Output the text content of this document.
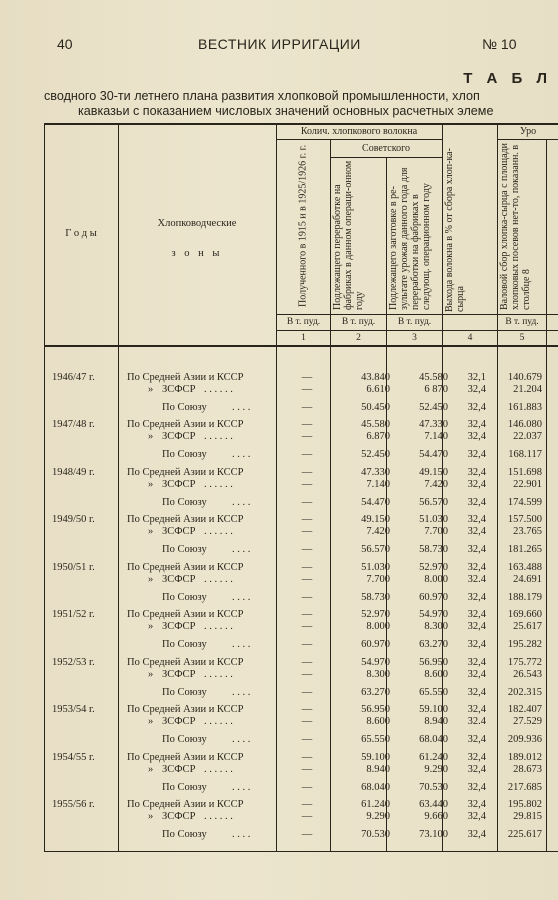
40	ВЕСТНИК ИРРИГАЦИИ	№ 10
Т А Б Л
сводного 30-ти летнего плана развития хлопковой промышленности, хлоп
кавказьи с показанием числовых значений основных расчетных элеме
Г о д ы
Хлопководческие
з о н ы
Колич. хлопкового волокна
Советского
Уро
Полученного в 1915 и в 1925/1926 г. г.	Подлежащего переработке на фабриках в данном операци-онном году	Подлежащего заготовке в ре-зультате урожая данного года для переработки на фабриках в следующ. операционном году	Выхода волокна в % от сбора хлоп-ка-сырца	Валовой сбор хлопка-сырца с площади хлопковых посевов нет-то, показанн. в столбце 8
В т. пуд.	В т. пуд.	В т. пуд.	В т. пуд.
1	2	3	4	5
1946/47 г.	По Средней Азии и КССР	—	43.840	45.580	32,1	140.679
» ЗСФСР . . . . . .	—	6.610	6 870	32,4	21.204
По Союзу . . . .	—	50.450	52.450	32,4	161.883
1947/48 г.	По Средней Азии и КССР	—	45.580	47.330	32,4	146.080
» ЗСФСР . . . . . .	—	6.870	7.140	32,4	22.037
По Союзу . . . .	—	52.450	54.470	32,4	168.117
1948/49 г.	По Средней Азии и КССР	—	47.330	49.150	32,4	151.698
» ЗСФСР . . . . . .	—	7.140	7.420	32,4	22.901
По Союзу . . . .	—	54.470	56.570	32,4	174.599
1949/50 г.	По Средней Азии и КССР	—	49.150	51.030	32,4	157.500
» ЗСФСР . . . . . .	—	7.420	7.700	32,4	23.765
По Союзу . . . .	—	56.570	58.730	32,4	181.265
1950/51 г.	По Средней Азии и КССР	—	51.030	52.970	32,4	163.488
» ЗСФСР . . . . . .	—	7.700	8.000	32.4	24.691
По Союзу . . . .	—	58.730	60.970	32,4	188.179
1951/52 г.	По Средней Азии и КССР	—	52.970	54.970	32,4	169.660
» ЗСФСР . . . . . .	—	8.000	8.300	32,4	25.617
По Союзу . . . .	—	60.970	63.270	32,4	195.282
1952/53 г.	По Средней Азии и КССР	—	54.970	56.950	32,4	175.772
» ЗСФСР . . . . . .	—	8.300	8.600	32,4	26.543
По Союзу . . . .	—	63.270	65.550	32,4	202.315
1953/54 г.	По Средней Азии и КССР	—	56.950	59.100	32,4	182.407
» ЗСФСР . . . . . .	—	8.600	8.940	32.4	27.529
По Союзу . . . .	—	65.550	68.040	32,4	209.936
1954/55 г.	По Средней Азии и КССР	—	59.100	61.240	32,4	189.012
» ЗСФСР . . . . . .	—	8.940	9.290	32,4	28.673
По Союзу . . . .	—	68.040	70.530	32,4	217.685
1955/56 г.	По Средней Азии и КССР	—	61.240	63.440	32,4	195.802
» ЗСФСР . . . . . .	—	9.290	9.660	32,4	29.815
По Союзу . . . .	—	70.530	73.100	32,4	225.617
